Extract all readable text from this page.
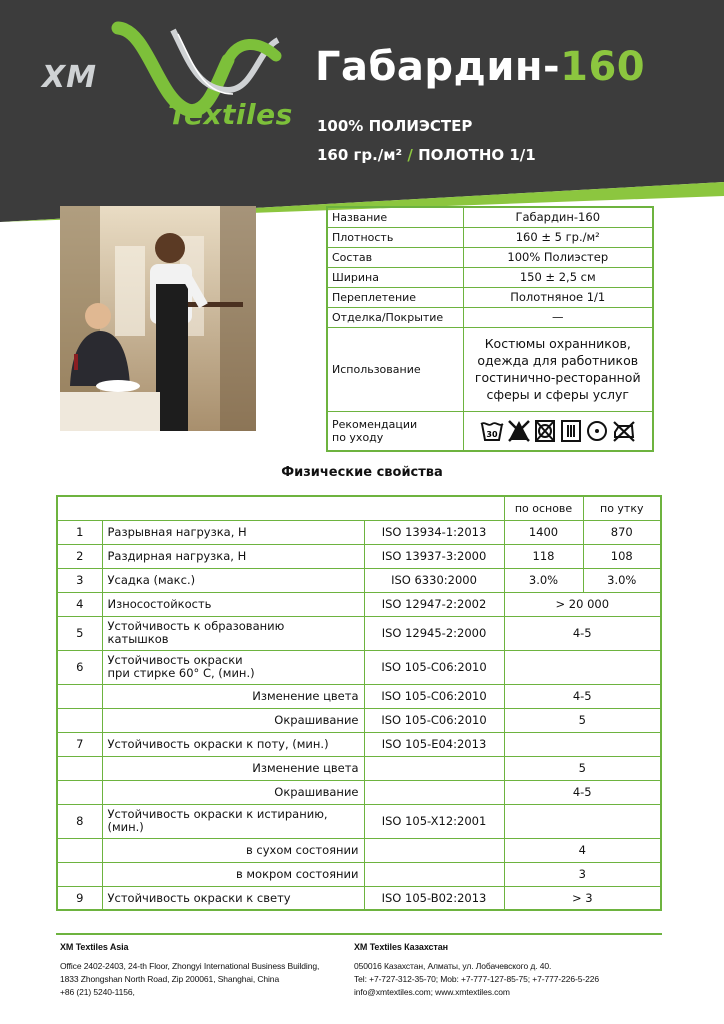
XM
Textiles
Габардин-160
100% ПОЛИЭСТЕР
160 гр./м² / ПОЛОТНО 1/1
Название	Габардин-160
Плотность	160 ± 5 гр./м²
Состав	100% Полиэстер
Ширина	150 ± 2,5 см
Переплетение	Полотняное 1/1
Отделка/Покрытие	—
Использование	Костюмы охранников,
одежда для работников
гостинично-ресторанной
сферы и сферы услуг

Рекомендации
по уходу	30
Физические свойства
			по основе	по утку
1	Разрывная нагрузка, Н	ISO 13934-1:2013	1400	870
2	Раздирная нагрузка, Н	ISO 13937-3:2000	118	108
3	Усадка (макс.)	ISO 6330:2000	3.0%	3.0%
4	Износостойкость	ISO 12947-2:2002	> 20 000	
5	Устойчивость к образованию
катышков	ISO 12945-2:2000	4-5	
6	Устойчивость окраски
при стирке 60° С, (мин.)	ISO 105-C06:2010		
	Изменение цвета	ISO 105-C06:2010	4-5	
	Окрашивание	ISO 105-C06:2010	5	
7	Устойчивость окраски к поту, (мин.)	ISO 105-E04:2013		
	Изменение цвета		5	
	Окрашивание		4-5	
8	Устойчивость окраски к истиранию,
(мин.)	ISO 105-X12:2001		
	в сухом состоянии		4	
	в мокром состоянии		3	
9	Устойчивость окраски к свету	ISO 105-B02:2013	> 3	
XM Textiles Asia
Office 2402-2403, 24-th Floor, Zhongyi International Business Building,
1833 Zhongshan North Road, Zip 200061, Shanghai, China
+86 (21) 5240-1156,
XM Textiles Казахстан
050016 Казахстан, Алматы, ул. Лобачевского д. 40.
Tel: +7-727-312-35-70; Mob: +7-777-127-85-75; +7-777-226-5-226
info@xmtextiles.com; www.xmtextiles.com
